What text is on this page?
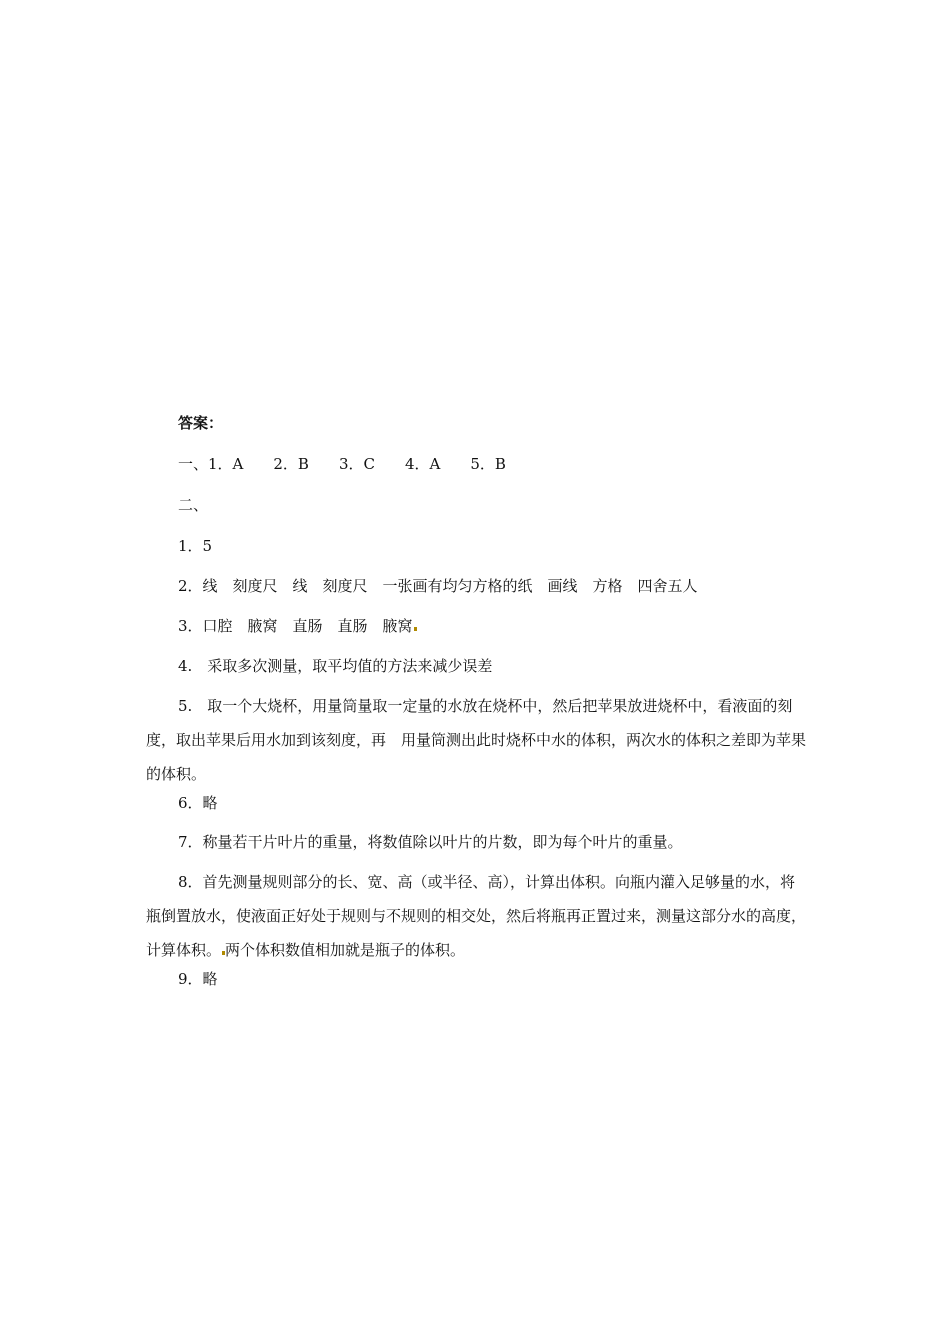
答案：
一、1．A　　2．B　　3．C　　4．A　　5．B
二、
1．5
2．线　刻度尺　线　刻度尺　一张画有均匀方格的纸　画线　方格　四舍五人
3．口腔　腋窝　直肠　直肠　腋窝
4.　采取多次测量，取平均值的方法来减少误差

5.　取一个大烧杯，用量筒量取一定量的水放在烧杯中，然后把苹果放进烧杯中，看液面的刻度，取出苹果后用水加到该刻度，再　用量筒测出此时烧杯中水的体积，两次水的体积之差即为苹果的体积。

6．略
7．称量若干片叶片的重量，将数值除以叶片的片数，即为每个叶片的重量。

8．首先测量规则部分的长、宽、高（或半径、高），计算出体积。向瓶内灌入足够量的水，将瓶倒置放水，使液面正好处于规则与不规则的相交处，然后将瓶再正置过来，测量这部分水的高度，计算体积。 两个体积数值相加就是瓶子的体积。

9．略
